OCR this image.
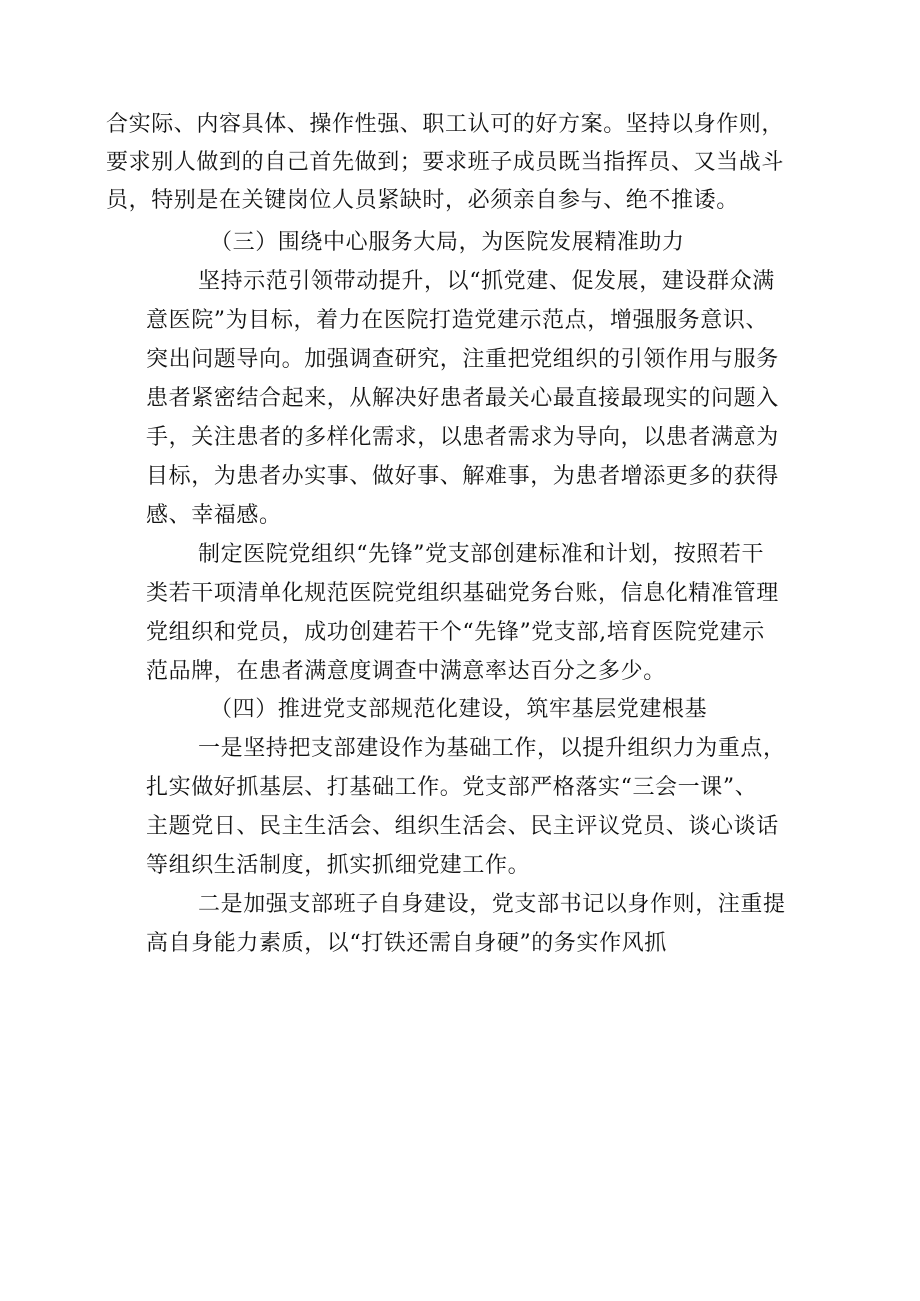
合实际、内容具体、操作性强、职工认可的好方案。坚持以身作则，
要求别人做到的自己首先做到；要求班子成员既当指挥员、又当战斗
员，特别是在关键岗位人员紧缺时，必须亲自参与、绝不推诿。
（三）围绕中心服务大局，为医院发展精准助力
坚持示范引领带动提升，以“抓党建、促发展，建设群众满
意医院”为目标，着力在医院打造党建示范点，增强服务意识、
突出问题导向。加强调查研究，注重把党组织的引领作用与服务
患者紧密结合起来，从解决好患者最关心最直接最现实的问题入
手，关注患者的多样化需求，以患者需求为导向，以患者满意为
目标，为患者办实事、做好事、解难事，为患者增添更多的获得
感、幸福感。
制定医院党组织“先锋”党支部创建标准和计划，按照若干
类若干项清单化规范医院党组织基础党务台账，信息化精准管理
党组织和党员，成功创建若干个“先锋”党支部,培育医院党建示
范品牌，在患者满意度调查中满意率达百分之多少。
（四）推进党支部规范化建设，筑牢基层党建根基
一是坚持把支部建设作为基础工作，以提升组织力为重点，
扎实做好抓基层、打基础工作。党支部严格落实“三会一课”、
主题党日、民主生活会、组织生活会、民主评议党员、谈心谈话
等组织生活制度，抓实抓细党建工作。
二是加强支部班子自身建设，党支部书记以身作则，注重提
高自身能力素质，以“打铁还需自身硬”的务实作风抓
